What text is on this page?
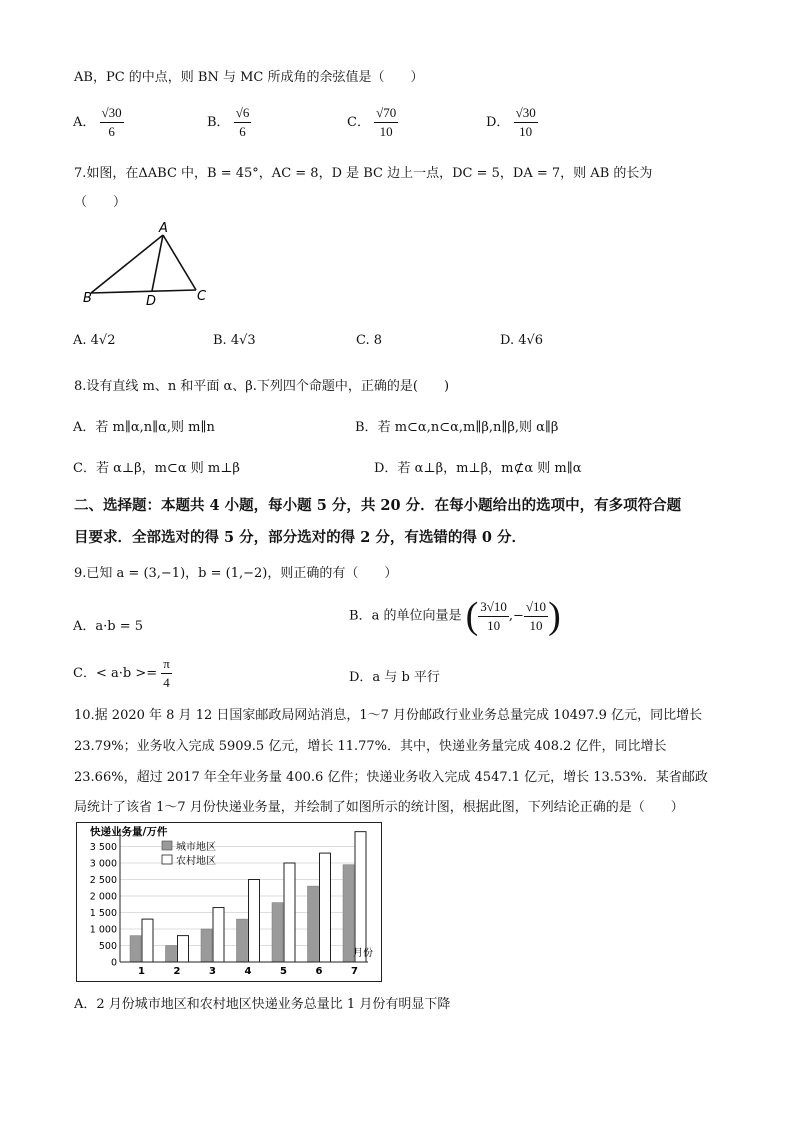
AB，PC 的中点，则 BN 与 MC 所成角的余弦值是（　　）
A． $\frac{√30}{6}$	B． $\frac{√6}{6}$	C． $\frac{√70}{10}$	D． $\frac{√30}{10}$
7.如图，在ΔABC 中，B = 45°，AC = 8，D 是 BC 边上一点，DC = 5，DA = 7，则 AB 的长为
（　　）
A
B	D	C
A. 4√2	B. 4√3	C. 8	D. 4√6
8.设有直线 m、n 和平面 α、β.下列四个命题中，正确的是(　　)
A．若 m∥α,n∥α,则 m∥n	B．若 m⊂α,n⊂α,m∥β,n∥β,则 α∥β
C．若 α⊥β，m⊂α 则 m⊥β	D．若 α⊥β，m⊥β，m⊄α 则 m∥α
二、选择题：本题共 4 小题，每小题 5 分，共 20 分．在每小题给出的选项中，有多项符合题
目要求．全部选对的得 5 分，部分选对的得 2 分，有选错的得 0 分．
9.已知 a = (3,−1)，b = (1,−2)，则正确的有（　　）
A．a·b = 5
B．a 的单位向量是 ( $\frac{3√10}{10}$ ,− $\frac{√10}{10}$ )
C．< $a\cdot b >= \frac{\pi}{4}$	D．a 与 b 平行
10.据 2020 年 8 月 12 日国家邮政局网站消息，1～7 月份邮政行业业务总量完成 10497.9 亿元，同比增长
23.79%；业务收入完成 5909.5 亿元，增长 11.77%．其中，快递业务量完成 408.2 亿件，同比增长
23.66%，超过 2017 年全年业务量 400.6 亿件；快递业务收入完成 4547.1 亿元，增长 13.53%．某省邮政
局统计了该省 1～7 月份快递业务量，并绘制了如图所示的统计图，根据此图，下列结论正确的是（　　）
0
500
1 000
1 500
2 000
2 500
3 000
3 500
1	2	3	4	5	6	7
快递业务量/万件
月份
城市地区
农村地区
A．2 月份城市地区和农村地区快递业务总量比 1 月份有明显下降
